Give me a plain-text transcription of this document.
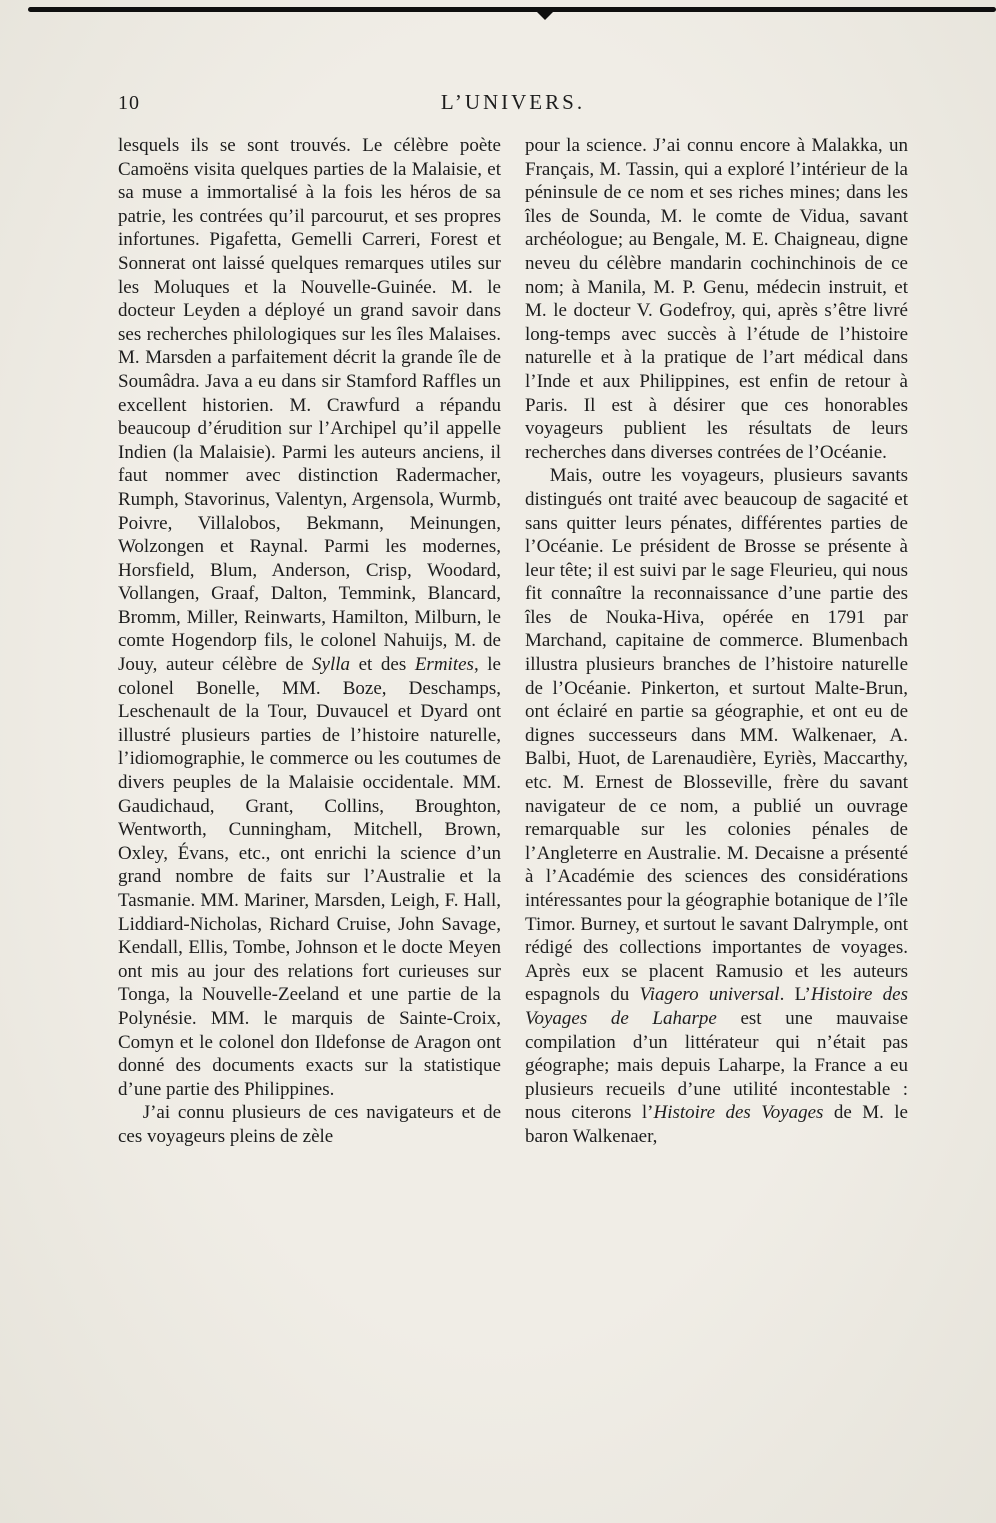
10	L’UNIVERS.

lesquels ils se sont trouvés. Le célèbre poète Camoëns visita quelques parties de la Malaisie, et sa muse a immortalisé à la fois les héros de sa patrie, les contrées qu’il parcourut, et ses propres infortunes. Pigafetta, Gemelli Carreri, Forest et Sonnerat ont laissé quelques remarques utiles sur les Moluques et la Nouvelle-Guinée. M. le docteur Leyden a déployé un grand savoir dans ses recherches philologiques sur les îles Malaises. M. Marsden a parfaitement décrit la grande île de Soumâdra. Java a eu dans sir Stamford Raffles un excellent historien. M. Crawfurd a répandu beaucoup d’érudition sur l’Archipel qu’il appelle Indien (la Malaisie). Parmi les auteurs anciens, il faut nommer avec distinction Radermacher, Rumph, Stavorinus, Valentyn, Argensola, Wurmb, Poivre, Villalobos, Bekmann, Meinungen, Wolzongen et Raynal. Parmi les modernes, Horsfield, Blum, Anderson, Crisp, Woodard, Vollangen, Graaf, Dalton, Temmink, Blancard, Bromm, Miller, Reinwarts, Hamilton, Milburn, le comte Hogendorp fils, le colonel Nahuijs, M. de Jouy, auteur célèbre de Sylla et des Ermites, le colonel Bonelle, MM. Boze, Deschamps, Leschenault de la Tour, Duvaucel et Dyard ont illustré plusieurs parties de l’histoire naturelle, l’idiomographie, le commerce ou les coutumes de divers peuples de la Malaisie occidentale. MM. Gaudichaud, Grant, Collins, Broughton, Wentworth, Cunningham, Mitchell, Brown, Oxley, Évans, etc., ont enrichi la science d’un grand nombre de faits sur l’Australie et la Tasmanie. MM. Mariner, Marsden, Leigh, F. Hall, Liddiard-Nicholas, Richard Cruise, John Savage, Kendall, Ellis, Tombe, Johnson et le docte Meyen ont mis au jour des relations fort curieuses sur Tonga, la Nouvelle-Zeeland et une partie de la Polynésie. MM. le marquis de Sainte-Croix, Comyn et le colonel don Ildefonse de Aragon ont donné des documents exacts sur la statistique d’une partie des Philippines.

J’ai connu plusieurs de ces navigateurs et de ces voyageurs pleins de zèle

pour la science. J’ai connu encore à Malakka, un Français, M. Tassin, qui a exploré l’intérieur de la péninsule de ce nom et ses riches mines; dans les îles de Sounda, M. le comte de Vidua, savant archéologue; au Bengale, M. E. Chaigneau, digne neveu du célèbre mandarin cochinchinois de ce nom; à Manila, M. P. Genu, médecin instruit, et M. le docteur V. Godefroy, qui, après s’être livré long-temps avec succès à l’étude de l’histoire naturelle et à la pratique de l’art médical dans l’Inde et aux Philippines, est enfin de retour à Paris. Il est à désirer que ces honorables voyageurs publient les résultats de leurs recherches dans diverses contrées de l’Océanie.

Mais, outre les voyageurs, plusieurs savants distingués ont traité avec beaucoup de sagacité et sans quitter leurs pénates, différentes parties de l’Océanie. Le président de Brosse se présente à leur tête; il est suivi par le sage Fleurieu, qui nous fit connaître la reconnaissance d’une partie des îles de Nouka-Hiva, opérée en 1791 par Marchand, capitaine de commerce. Blumenbach illustra plusieurs branches de l’histoire naturelle de l’Océanie. Pinkerton, et surtout Malte-Brun, ont éclairé en partie sa géographie, et ont eu de dignes successeurs dans MM. Walkenaer, A. Balbi, Huot, de Larenaudière, Eyriès, Maccarthy, etc. M. Ernest de Blosseville, frère du savant navigateur de ce nom, a publié un ouvrage remarquable sur les colonies pénales de l’Angleterre en Australie. M. Decaisne a présenté à l’Académie des sciences des considérations intéressantes pour la géographie botanique de l’île Timor. Burney, et surtout le savant Dalrymple, ont rédigé des collections importantes de voyages. Après eux se placent Ramusio et les auteurs espagnols du Viagero universal. L’Histoire des Voyages de Laharpe est une mauvaise compilation d’un littérateur qui n’était pas géographe; mais depuis Laharpe, la France a eu plusieurs recueils d’une utilité incontestable : nous citerons l’Histoire des Voyages de M. le baron Walkenaer,
